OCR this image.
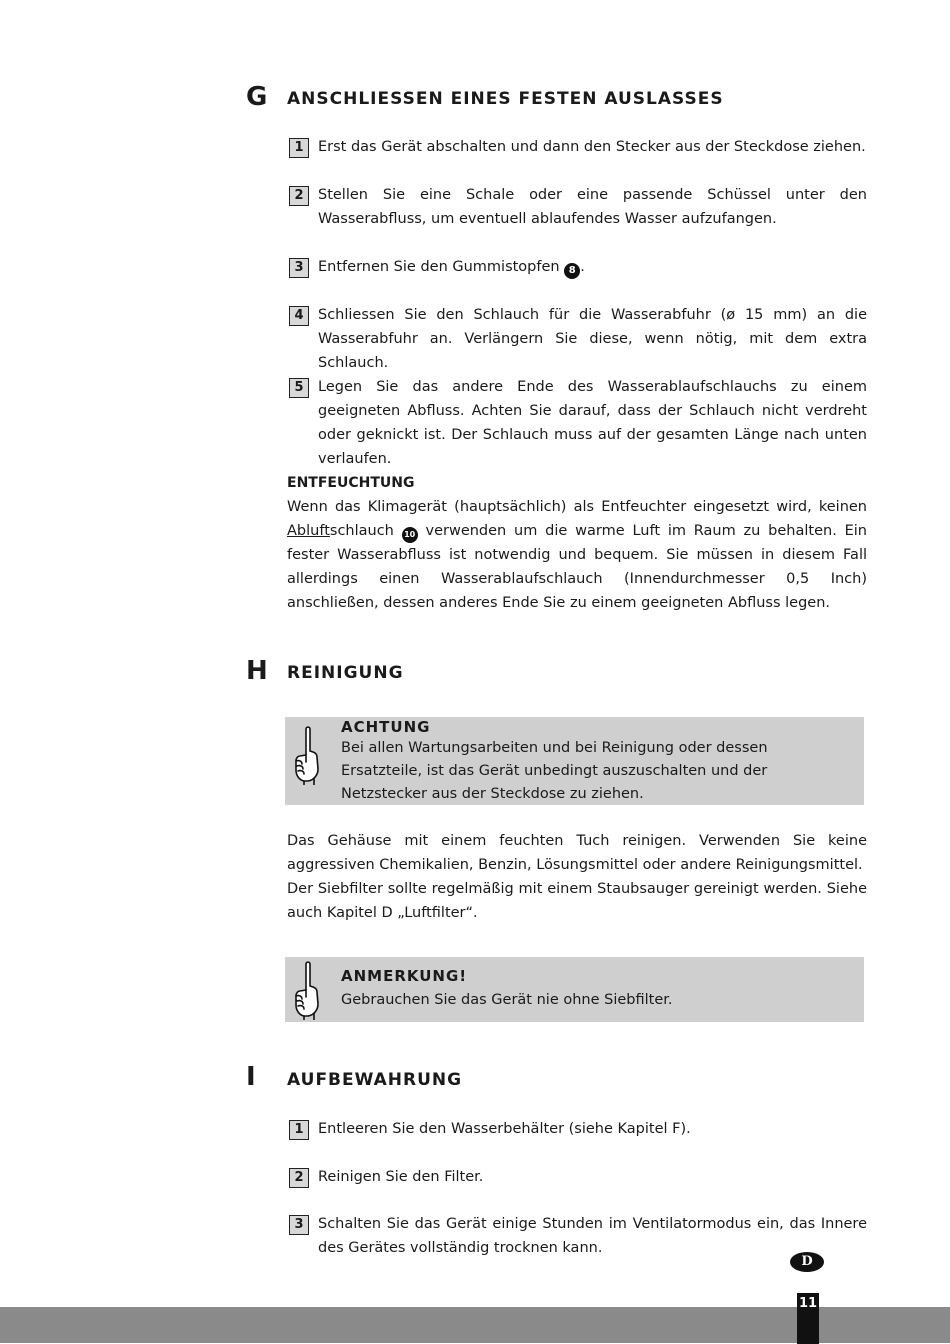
G ANSCHLIESSEN EINES FESTEN AUSLASSES
1 Erst das Gerät abschalten und dann den Stecker aus der Steckdose ziehen.
2 Stellen Sie eine Schale oder eine passende Schüssel unter den Wasserabfluss, um eventuell ablaufendes Wasser aufzufangen.
3 Entfernen Sie den Gummistopfen 8 .
4 Schliessen Sie den Schlauch für die Wasserabfuhr (ø 15 mm) an die Wasserabfuhr an. Verlängern Sie diese, wenn nötig, mit dem extra Schlauch.
5 Legen Sie das andere Ende des Wasserablaufschlauchs zu einem geeigneten Abfluss. Achten Sie darauf, dass der Schlauch nicht verdreht oder geknickt ist. Der Schlauch muss auf der gesamten Länge nach unten verlaufen.
ENTFEUCHTUNG
Wenn das Klimagerät (hauptsächlich) als Entfeuchter eingesetzt wird, keinen Abluftschlauch 10 verwenden um die warme Luft im Raum zu behalten. Ein fester Wasserabfluss ist notwendig und bequem. Sie müssen in diesem Fall allerdings einen Wasserablaufschlauch (Innendurchmesser 0,5 Inch) anschließen, dessen anderes Ende Sie zu einem geeigneten Abfluss legen.
H REINIGUNG
ACHTUNG
Bei allen Wartungsarbeiten und bei Reinigung oder dessen Ersatzteile, ist das Gerät unbedingt auszuschalten und der Netzstecker aus der Steckdose zu ziehen.
Das Gehäuse mit einem feuchten Tuch reinigen. Verwenden Sie keine aggressiven Chemikalien, Benzin, Lösungsmittel oder andere Reinigungsmittel.
Der Siebfilter sollte regelmäßig mit einem Staubsauger gereinigt werden. Siehe auch Kapitel D „Luftfilter“.
ANMERKUNG!
Gebrauchen Sie das Gerät nie ohne Siebfilter.
I AUFBEWAHRUNG
1 Entleeren Sie den Wasserbehälter (siehe Kapitel F).
2 Reinigen Sie den Filter.
3 Schalten Sie das Gerät einige Stunden im Ventilatormodus ein, das Innere des Gerätes vollständig trocknen kann.
D
11
